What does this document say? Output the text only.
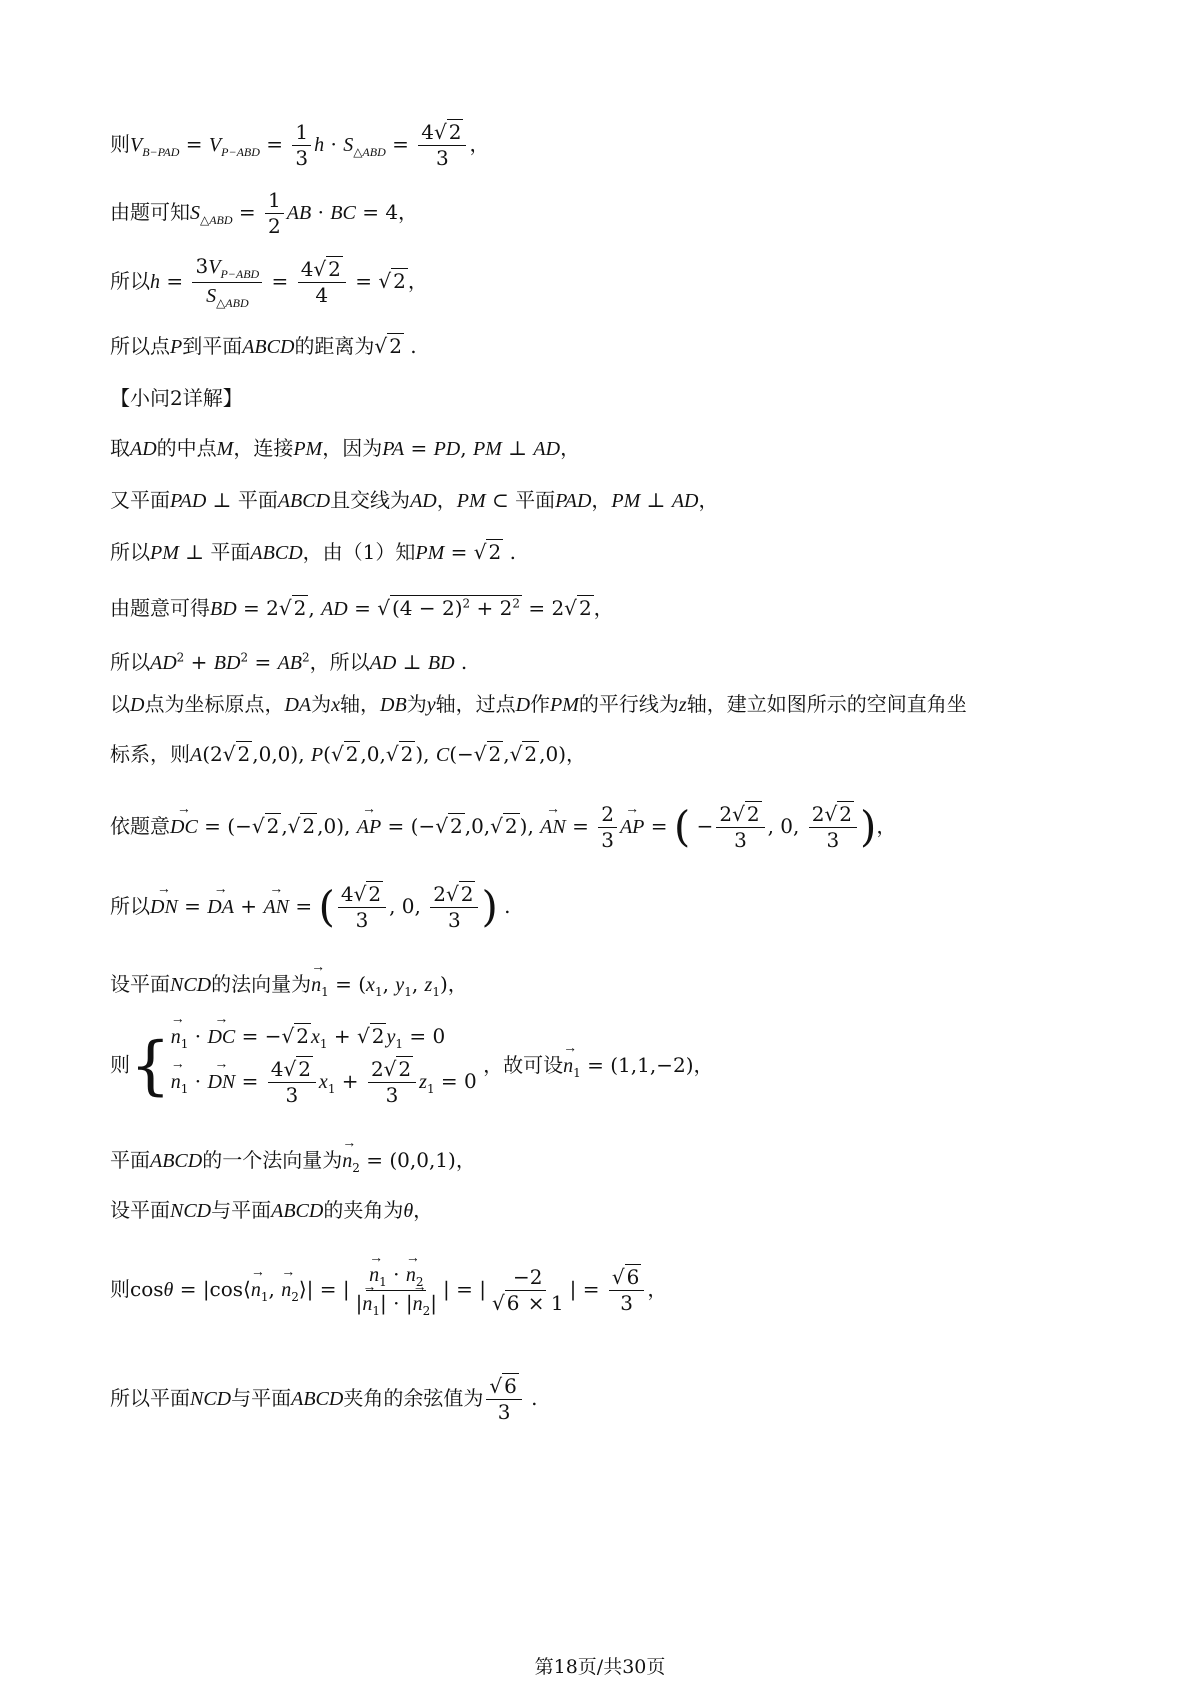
则$V_{B-PAD} = V_{P-ABD} = \frac{1}{3}$ $h \cdot S_{\triangle ABD} = \frac{4√ 2}{3}$ ，
由题可知$S_{\triangle ABD} = \frac{1}{2}$ AB · BC = 4，
所以$h = \frac{3V_{P-ABD}}{S_{\triangle ABD}} = \frac{4√ 2}{4}$ = √ 2 ，
所以点P到平面ABCD的距离为√ 2 .
【小问2详解】
取AD的中点M，连接PM，因为PA = PD, PM ⊥ AD，
又平面PAD ⊥ 平面ABCD且交线为AD，PM ⊂ 平面PAD，PM ⊥ AD，
所以PM ⊥ 平面ABCD，由（1）知PM = √ 2 .
由题意可得BD = 2√ 2 , AD = √ $(4 - 2)^2 + 2^2 = 2√$ 2 ，
所以$AD^2 + BD^2 = AB^2$，所以AD ⊥ BD .
以D点为坐标原点，DA为x轴，DB为y轴，过点D作PM的平行线为z轴，建立如图所示的空间直角坐
标系，则A(2√ 2 ,0,0), P(√ 2 ,0,√ 2 ), C(−√ 2 ,√ 2 ,0)，
依题意→ DC = (−√ 2 ,√ 2 ,0), → AP = (−√ 2 ,0,√ 2 ), → AN = $\frac{2}{3}$ → AP = ( − $\frac{2√ 2}{3}$ , 0, $\frac{2√ 2}{3}$ )，
所以→ DN = → DA + → AN = ( $\frac{4√ 2}{3}$ , 0, $\frac{2√ 2}{3}$ ) .
设平面NCD的法向量为→ $n_1 = (x_1$, $y_1$, $z_1$)，
则{ → $n_1$ · → DC = −√ 2 $x_1$ + √ 2 $y_1 = 0$
→ $n_1$ · → DN = $\frac{4√ 2}{3} x_1 + \frac{2√ 2}{3} z_1 = 0$
，故可设→ $n_1 = (1,1,-2)$，
平面ABCD的一个法向量为→ $n_2 = (0,0,1)$，
设平面NCD与平面ABCD的夹角为θ，
则cosθ = |cos⟨→ $n_1$, → $n_2⟩|$ = | → $\frac{n_1 \cdot \to n_2}{|\to n_1| \cdot |\to n_2|}$ | = | $\frac{-2}{√ 6 \times 1}$ | = $\frac{√ 6}{3}$ ，
所以平面NCD与平面ABCD夹角的余弦值为 $\frac{√ 6}{3}$ .
第18页/共30页
